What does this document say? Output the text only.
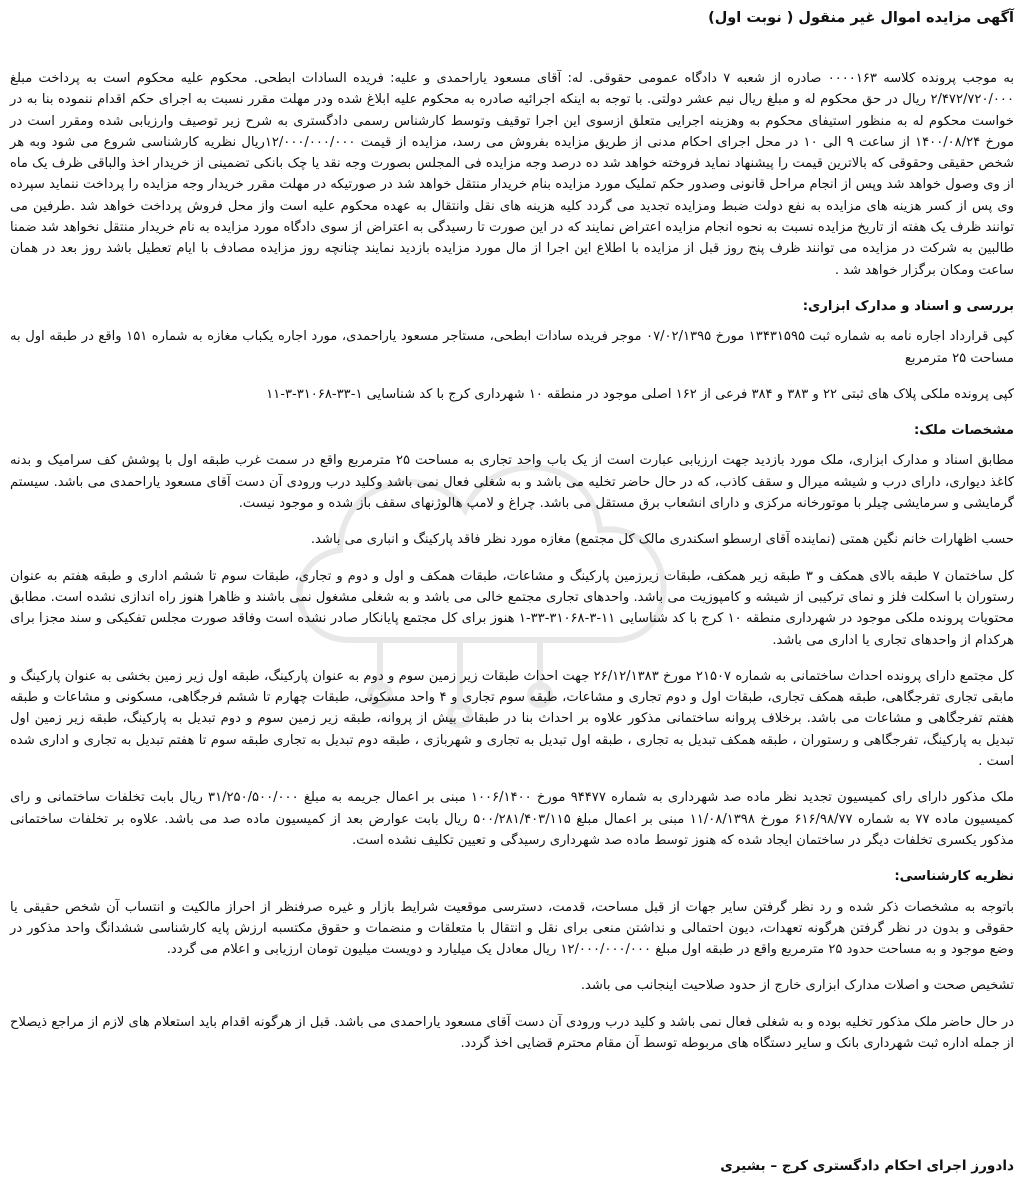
آگهی مزایده اموال غیر منقول ( نوبت اول)

به موجب پرونده کلاسه ۰۰۰۰۱۶۳ صادره از شعبه ۷ دادگاه عمومی حقوقی. له: آقای مسعود یاراحمدی و علیه: فریده السادات ابطحی. محکوم علیه محکوم است به پرداخت مبلغ ۲/۴۷۲/۷۲۰/۰۰۰ ریال در حق محکوم له و مبلغ ریال نیم عشر دولتی. با توجه به اینکه اجرائیه صادره به محکوم علیه ابلاغ شده ودر مهلت مقرر نسبت به اجرای حکم اقدام ننموده بنا به در خواست محکوم له به منظور استیفای محکوم به وهزینه اجرایی متعلق ازسوی این اجرا توقیف وتوسط کارشناس رسمی دادگستری به شرح زیر توصیف وارزیابی شده ومقرر است در مورخ ۱۴۰۰/۰۸/۲۴ از ساعت ۹ الی ۱۰ در محل اجرای احکام مدنی از طریق مزایده بفروش می رسد، مزایده از قیمت ۱۲/۰۰۰/۰۰۰/۰۰۰ریال نظریه کارشناسی شروع می شود وبه هر شخص حقیقی وحقوقی که بالاترین قیمت را پیشنهاد نماید فروخته خواهد شد ده درصد وجه مزایده فی المجلس بصورت وجه نقد یا چک بانکی تضمینی از خریدار اخذ والباقی ظرف یک ماه از وی وصول خواهد شد وپس از انجام مراحل قانونی وصدور حکم تملیک مورد مزایده بنام خریدار منتقل خواهد شد در صورتیکه در مهلت مقرر خریدار وجه مزایده را پرداخت ننماید سپرده وی پس از کسر هزینه های مزایده به نفع دولت ضبط ومزایده تجدید می گردد کلیه هزینه های نقل وانتقال به عهده محکوم علیه است واز محل فروش پرداخت خواهد شد .طرفین می توانند ظرف یک هفته از تاریخ مزایده نسبت به نحوه انجام مزایده اعتراض نمایند که در این صورت تا رسیدگی به اعتراض از سوی دادگاه مورد مزایده به نام خریدار منتقل نخواهد شد ضمنا طالبین به شرکت در مزایده می توانند ظرف پنج روز قبل از مزایده با اطلاع این اجرا از مال مورد مزایده بازدید نمایند چنانچه روز مزایده مصادف با ایام تعطیل باشد روز بعد در همان ساعت ومکان برگزار خواهد شد .

بررسی و اسناد و مدارک ابزاری:

کپی قرارداد اجاره نامه به شماره ثبت ۱۳۴۳۱۵۹۵ مورخ ۰۷/۰۲/۱۳۹۵ موجر فریده سادات ابطحی، مستاجر مسعود یاراحمدی، مورد اجاره یکباب مغازه به شماره ۱۵۱ واقع در طبقه اول به مساحت ۲۵ مترمربع

کپی پرونده ملکی پلاک های ثبتی ۲۲ و ۳۸۳ و ۳۸۴ فرعی از ۱۶۲ اصلی موجود در منطقه ۱۰ شهرداری کرج با کد شناسایی ۱-۳۳-۳۱۰۶۸-۳-۱۱

مشخصات ملک:

مطابق اسناد و مدارک ابزاری، ملک مورد بازدید جهت ارزیابی عبارت است از یک باب واحد تجاری به مساحت ۲۵ مترمربع واقع در سمت غرب طبقه اول با پوشش کف سرامیک و بدنه کاغذ دیواری، دارای درب و شیشه میرال و سقف کاذب، که در حال حاضر تخلیه می باشد و به شغلی فعال نمی باشد وکلید درب ورودی آن دست آقای مسعود یاراحمدی می باشد. سیستم گرمایشی و سرمایشی چیلر با موتورخانه مرکزی و دارای انشعاب برق مستقل می باشد. چراغ و لامپ هالوژنهای سقف باز شده و موجود نیست.

حسب اظهارات خانم نگین همتی (نماینده آقای ارسطو اسکندری مالک کل مجتمع) مغازه مورد نظر فاقد پارکینگ و انباری می باشد.

کل ساختمان ۷ طبقه بالای همکف و ۳ طبقه زیر همکف، طبقات زیرزمین پارکینگ و مشاعات، طبقات همکف و اول و دوم و تجاری، طبقات سوم تا ششم اداری و طبقه هفتم به عنوان رستوران با اسکلت فلز و نمای ترکیبی از شیشه و کامپوزیت می باشد. واحدهای تجاری مجتمع خالی می باشد و به شغلی مشغول نمی باشند و ظاهرا هنوز راه اندازی نشده است. مطابق محتویات پرونده ملکی موجود در شهرداری منطقه ۱۰ کرج با کد شناسایی ۱۱-۳-۳۱۰۶۸-۳۳-۱ هنوز برای کل مجتمع پایانکار صادر نشده است وفاقد صورت مجلس تفکیکی و سند مجزا برای هرکدام از واحدهای تجاری یا اداری می باشد.

کل مجتمع دارای پرونده احداث ساختمانی به شماره ۲۱۵۰۷ مورخ ۲۶/۱۲/۱۳۸۳ جهت احداث طبقات زیر زمین سوم و دوم به عنوان پارکینگ، طبقه اول زیر زمین بخشی به عنوان پارکینگ و مابقی تجاری تفرجگاهی، طبقه همکف تجاری، طبقات اول و دوم تجاری و مشاعات، طبقه سوم تجاری و ۴ واحد مسکونی، طبقات چهارم تا ششم فرجگاهی، مسکونی و مشاعات و طبقه هفتم تفرجگاهی و مشاعات می باشد. برخلاف پروانه ساختمانی مذکور علاوه بر احداث بنا در طبقات بیش از پروانه، طبقه زیر زمین سوم و دوم تبدیل به پارکینگ، طبقه زیر زمین اول تبدیل به پارکینگ، تفرجگاهی و رستوران ، طبقه همکف تبدیل به تجاری ، طبقه اول تبدیل به تجاری و شهربازی ، طبقه دوم تبدیل به تجاری طبقه سوم تا هفتم تبدیل به تجاری و اداری شده است .

ملک مذکور دارای رای کمیسیون تجدید نظر ماده صد شهرداری به شماره ۹۴۴۷۷ مورخ ۱۰۰۶/۱۴۰۰ مبنی بر اعمال جریمه به مبلغ ۳۱/۲۵۰/۵۰۰/۰۰۰ ریال بابت تخلفات ساختمانی و رای کمیسیون ماده ۷۷ به شماره ۶۱۶/۹۸/۷۷ مورخ ۱۱/۰۸/۱۳۹۸ مبنی بر اعمال مبلغ ۵۰۰/۲۸۱/۴۰۳/۱۱۵ ریال بابت عوارض بعد از کمیسیون ماده صد می باشد. علاوه بر تخلفات ساختمانی مذکور یکسری تخلفات دیگر در ساختمان ایجاد شده که هنوز توسط ماده صد شهرداری رسیدگی و تعیین تکلیف نشده است.

نظریه کارشناسی:

باتوجه به مشخصات ذکر شده و رد نظر گرفتن سایر جهات از قبل مساحت، قدمت، دسترسی موقعیت شرایط بازار و غیره صرفنظر از احراز مالکیت و انتساب آن شخص حقیقی یا حقوقی و بدون در نظر گرفتن هرگونه تعهدات، دیون احتمالی و نداشتن منعی برای نقل و انتقال با متعلقات و منضمات و حقوق مکتسبه ارزش پایه کارشناسی ششدانگ واحد مذکور در وضع موجود و به مساحت حدود ۲۵ مترمربع واقع در طبقه اول مبلغ ۱۲/۰۰۰/۰۰۰/۰۰۰ ریال معادل یک میلیارد و دویست میلیون تومان ارزیابی و اعلام می گردد.

تشخیص صحت و اصلات مدارک ابزاری خارج از حدود صلاحیت اینجانب می باشد.

در حال حاضر ملک مذکور تخلیه بوده و به شغلی فعال نمی باشد و کلید درب ورودی آن دست آقای مسعود یاراحمدی می باشد. قبل از هرگونه اقدام باید استعلام های لازم از مراجع ذیصلاح از جمله اداره ثبت شهرداری بانک و سایر دستگاه های مربوطه توسط آن مقام محترم قضایی اخذ گردد.

دادورز اجرای احکام دادگستری کرج – بشیری
